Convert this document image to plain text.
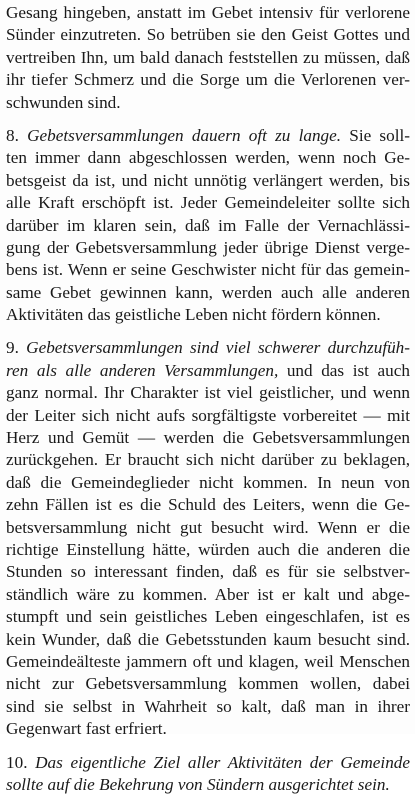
Gesang hingeben, anstatt im Gebet intensiv für verlorene
Sünder einzutreten. So betrüben sie den Geist Gottes und
vertreiben Ihn, um bald danach feststellen zu müssen, daß
ihr tiefer Schmerz und die Sorge um die Verlorenen ver-
schwunden sind.
8. Gebetsversammlungen dauern oft zu lange. Sie soll-
ten immer dann abgeschlossen werden, wenn noch Ge-
betsgeist da ist, und nicht unnötig verlängert werden, bis
alle Kraft erschöpft ist. Jeder Gemeindeleiter sollte sich
darüber im klaren sein, daß im Falle der Vernachlässi-
gung der Gebetsversammlung jeder übrige Dienst verge-
bens ist. Wenn er seine Geschwister nicht für das gemein-
same Gebet gewinnen kann, werden auch alle anderen
Aktivitäten das geistliche Leben nicht fördern können.
9. Gebetsversammlungen sind viel schwerer durchzufüh-
ren als alle anderen Versammlungen, und das ist auch
ganz normal. Ihr Charakter ist viel geistlicher, und wenn
der Leiter sich nicht aufs sorgfältigste vorbereitet — mit
Herz und Gemüt — werden die Gebetsversammlungen
zurückgehen. Er braucht sich nicht darüber zu beklagen,
daß die Gemeindeglieder nicht kommen. In neun von
zehn Fällen ist es die Schuld des Leiters, wenn die Ge-
betsversammlung nicht gut besucht wird. Wenn er die
richtige Einstellung hätte, würden auch die anderen die
Stunden so interessant finden, daß es für sie selbstver-
ständlich wäre zu kommen. Aber ist er kalt und abge-
stumpft und sein geistliches Leben eingeschlafen, ist es
kein Wunder, daß die Gebetsstunden kaum besucht sind.
Gemeindeälteste jammern oft und klagen, weil Menschen
nicht zur Gebetsversammlung kommen wollen, dabei
sind sie selbst in Wahrheit so kalt, daß man in ihrer
Gegenwart fast erfriert.
10. Das eigentliche Ziel aller Aktivitäten der Gemeinde
sollte auf die Bekehrung von Sündern ausgerichtet sein.
